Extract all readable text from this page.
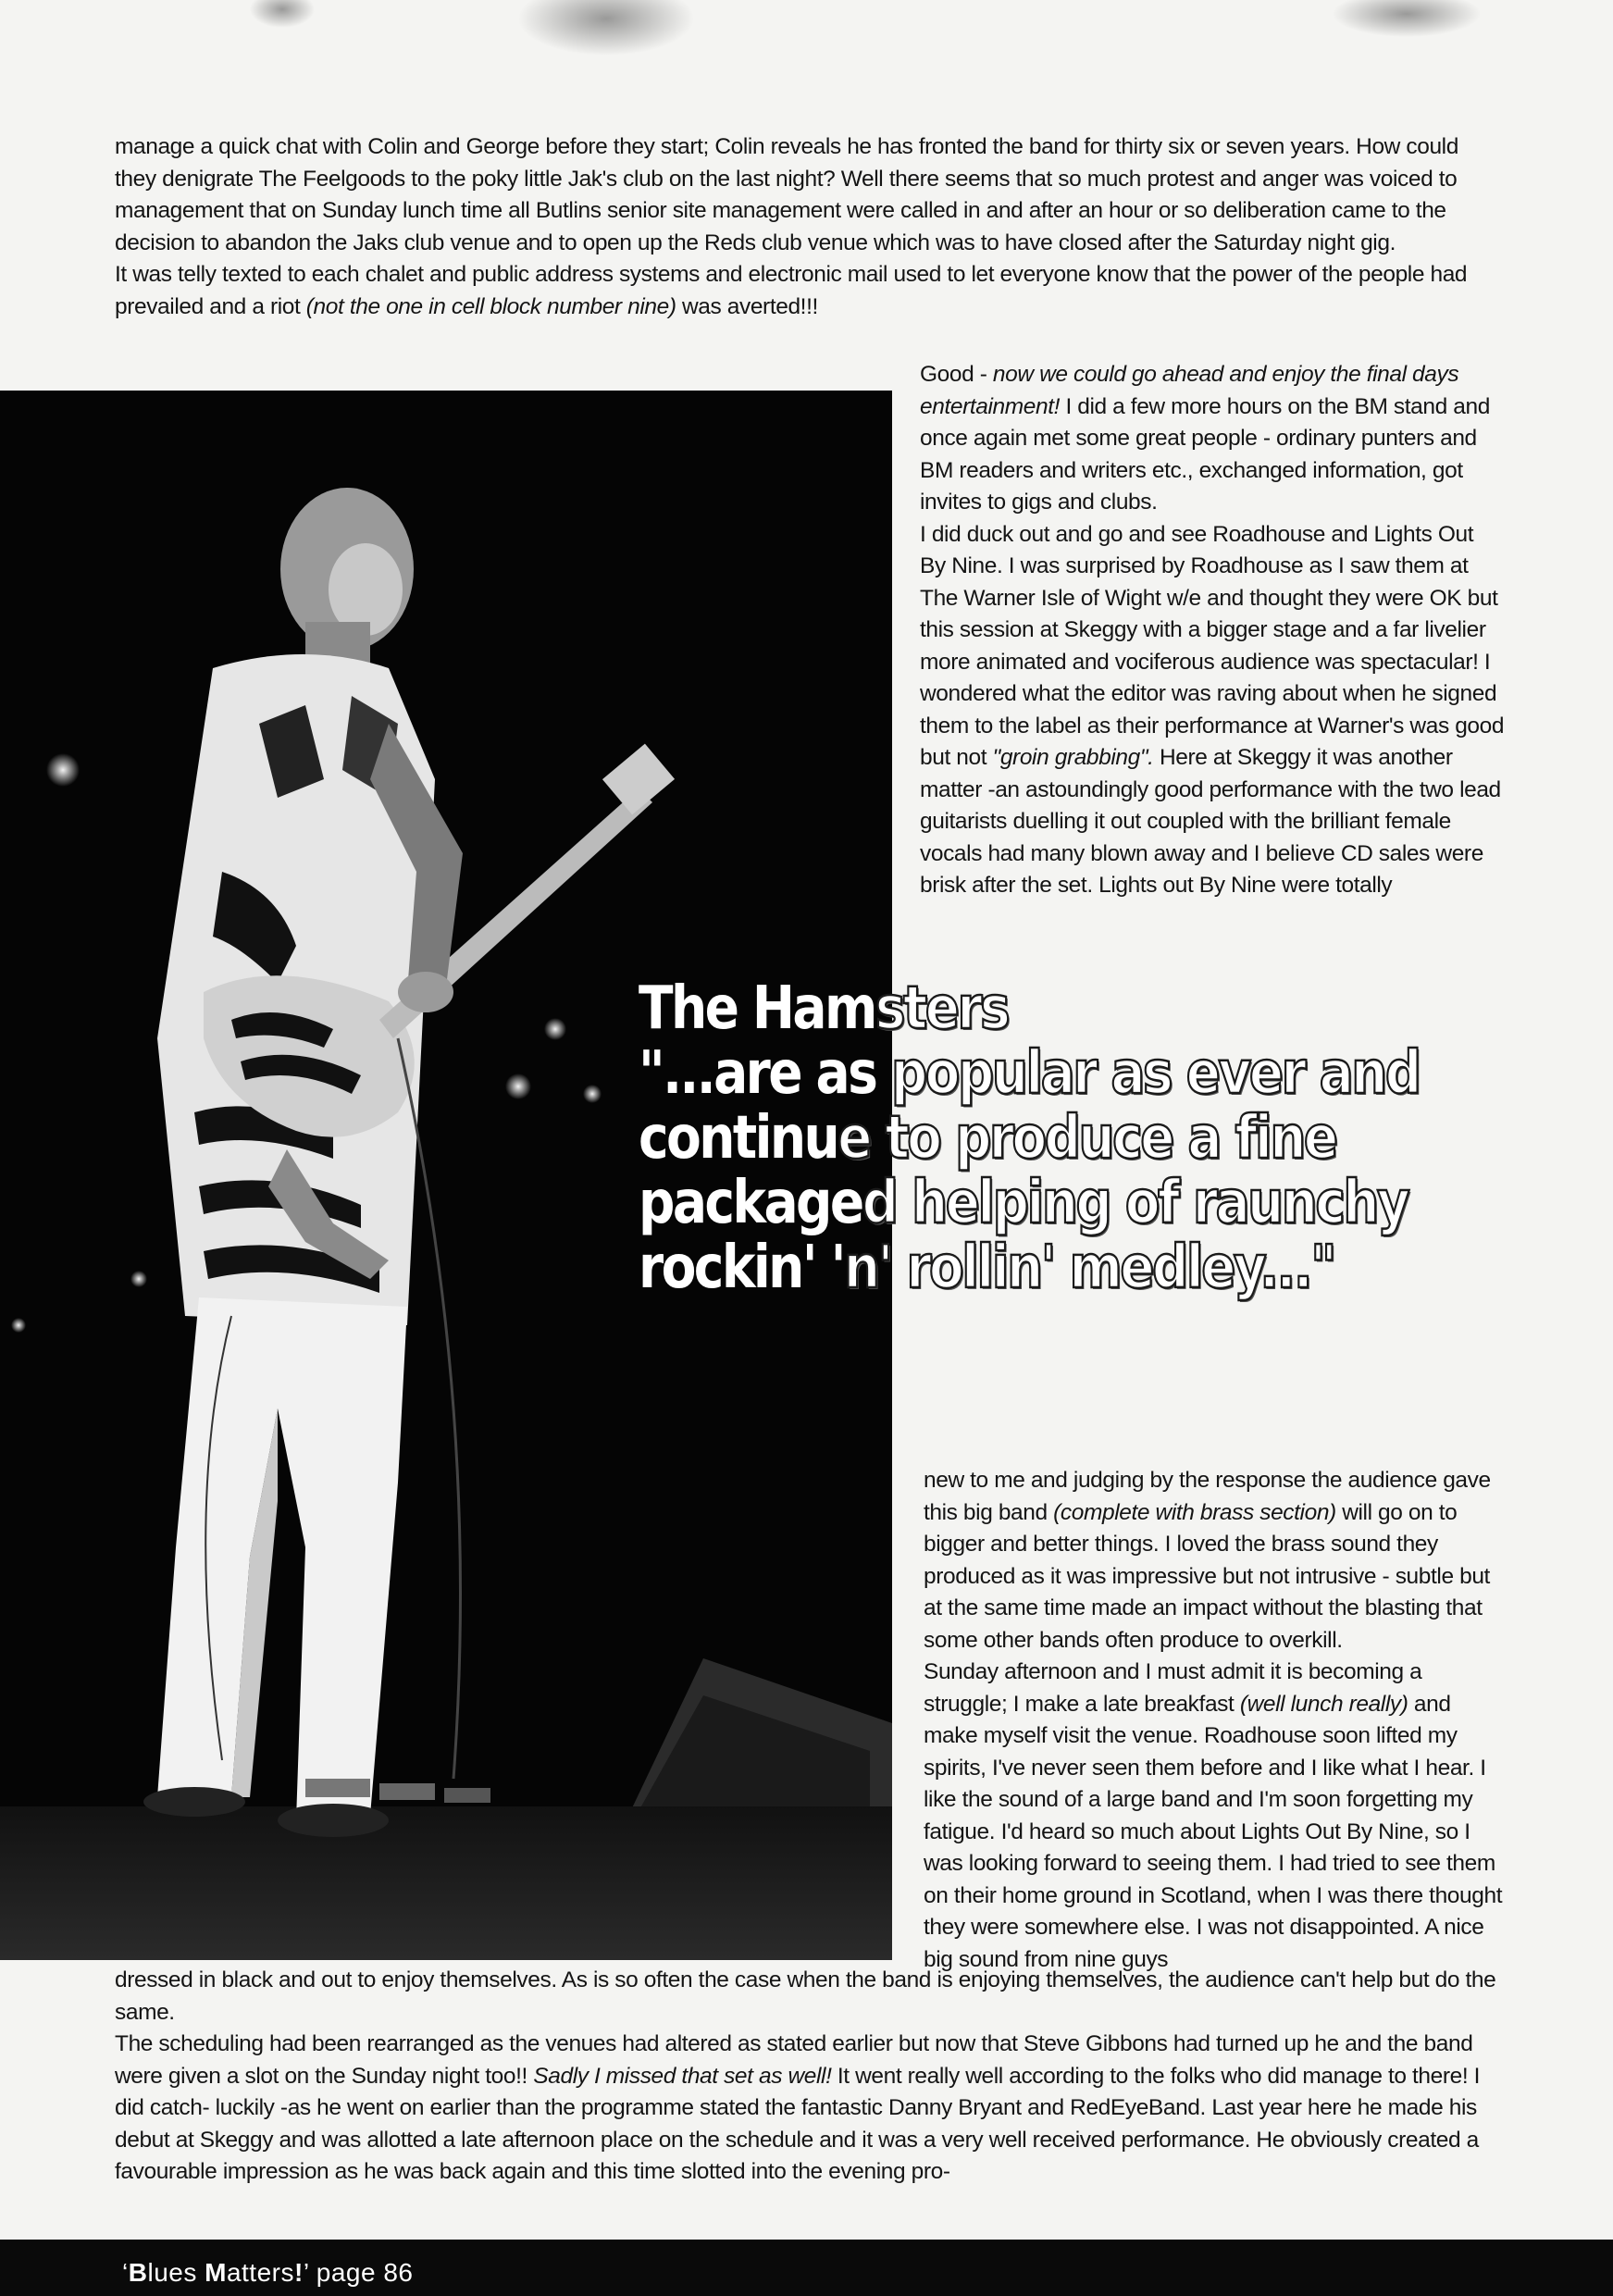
manage a quick chat with Colin and George before they start; Colin reveals he has fronted the band for thirty six or seven years. How could they denigrate The Feelgoods to the poky little Jak's club on the last night? Well there seems that so much protest and anger was voiced to management that on Sunday lunch time all Butlins senior site management were called in and after an hour or so deliberation came to the decision to abandon the Jaks club venue and to open up the Reds club venue which was to have closed after the Saturday night gig.

It was telly texted to each chalet and public address systems and electronic mail used to let everyone know that the power of the people had prevailed and a riot (not the one in cell block number nine) was averted!!!

Good - now we could go ahead and enjoy the final days entertainment! I did a few more hours on the BM stand and once again met some great people - ordinary punters and BM readers and writers etc., exchanged information, got invites to gigs and clubs.

I did duck out and go and see Roadhouse and Lights Out By Nine. I was surprised by Roadhouse as I saw them at The Warner Isle of Wight w/e and thought they were OK but this session at Skeggy with a bigger stage and a far livelier more animated and vociferous audience was spectacular! I wondered what the editor was raving about when he signed them to the label as their performance at Warner's was good but not "groin grabbing". Here at Skeggy it was another matter -an astoundingly good performance with the two lead guitarists duelling it out coupled with the brilliant female vocals had many blown away and I believe CD sales were brisk after the set. Lights out By Nine were totally

The Hamsters
"...are as popular as ever and
continue to produce a fine
packaged helping of raunchy
rockin' 'n' rollin' medley..."

new to me and judging by the response the audience gave this big band (complete with brass section) will go on to bigger and better things. I loved the brass sound they produced as it was impressive but not intrusive - subtle but at the same time made an impact without the blasting that some other bands often produce to overkill.

Sunday afternoon and I must admit it is becoming a struggle; I make a late breakfast (well lunch really) and make myself visit the venue. Roadhouse soon lifted my spirits, I've never seen them before and I like what I hear. I like the sound of a large band and I'm soon forgetting my fatigue. I'd heard so much about Lights Out By Nine, so I was looking forward to seeing them. I had tried to see them on their home ground in Scotland, when I was there thought they were somewhere else. I was not disappointed. A nice big sound from nine guys

dressed in black and out to enjoy themselves. As is so often the case when the band is enjoying themselves, the audience can't help but do the same.

The scheduling had been rearranged as the venues had altered as stated earlier but now that Steve Gibbons had turned up he and the band were given a slot on the Sunday night too!! Sadly I missed that set as well! It went really well according to the folks who did manage to there! I did catch- luckily -as he went on earlier than the programme stated the fantastic Danny Bryant and RedEyeBand. Last year here he made his debut at Skeggy and was allotted a late afternoon place on the schedule and it was a very well received performance. He obviously created a favourable impression as he was back again and this time slotted into the evening pro-

‘Blues Matters!’ page 86
